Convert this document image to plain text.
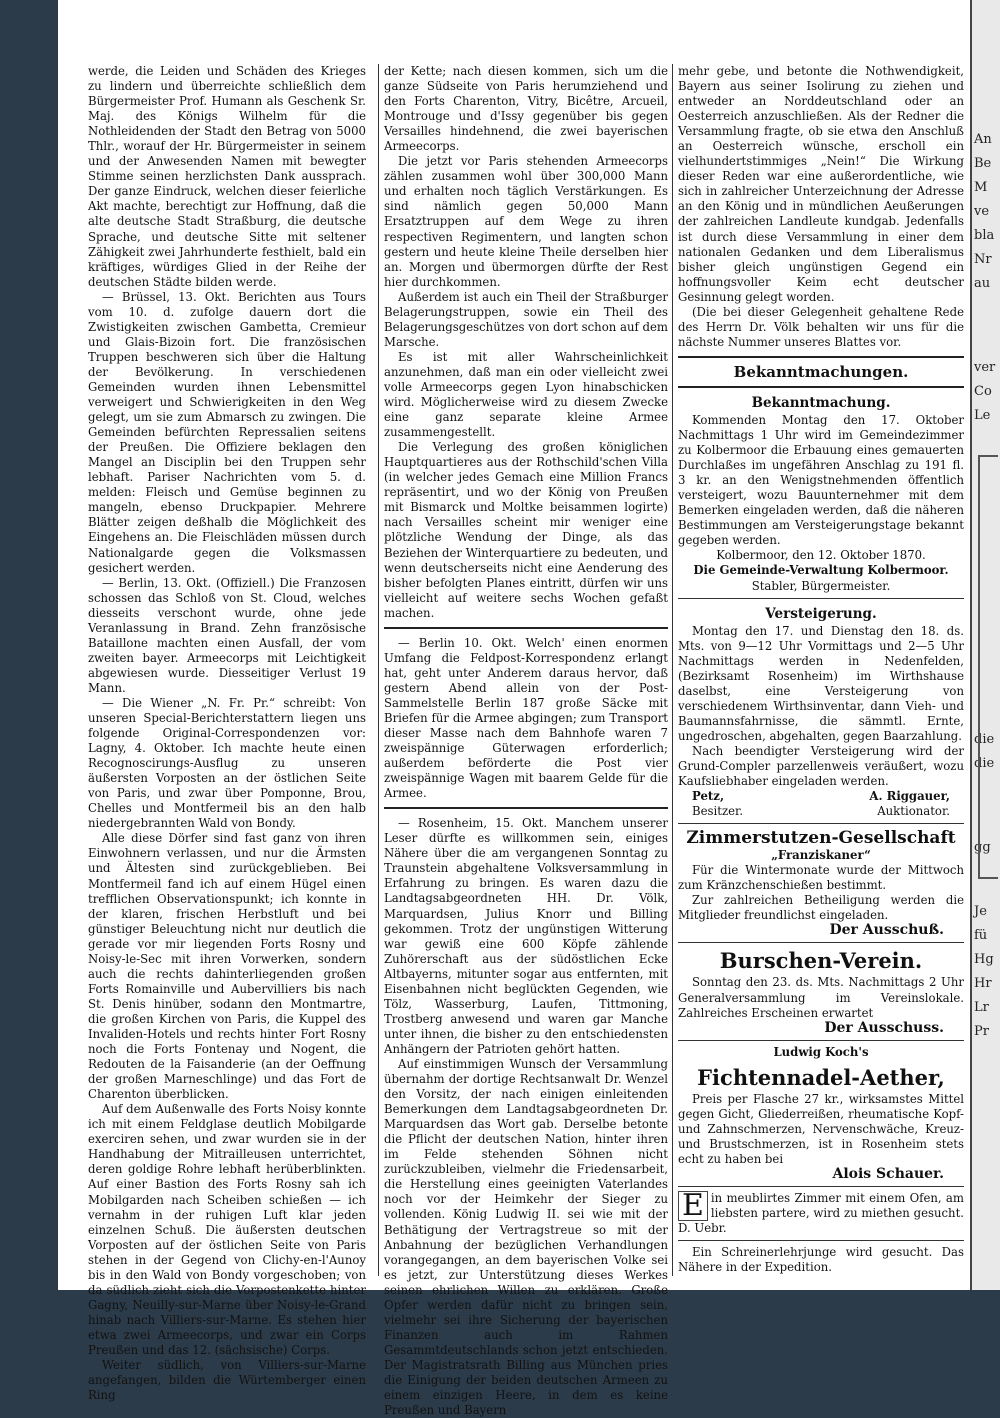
werde, die Leiden und Schäden des Krieges zu lindern und überreichte schließlich dem Bürgermeister Prof. Humann als Geschenk Sr. Maj. des Königs Wilhelm für die Nothleidenden der Stadt den Betrag von 5000 Thlr., worauf der Hr. Bürgermeister in seinem und der Anwesenden Namen mit bewegter Stimme seinen herzlichsten Dank aussprach. Der ganze Eindruck, welchen dieser feierliche Akt machte, berechtigt zur Hoffnung, daß die alte deutsche Stadt Straßburg, die deutsche Sprache, und deutsche Sitte mit seltener Zähigkeit zwei Jahrhunderte festhielt, bald ein kräftiges, würdiges Glied in der Reihe der deutschen Städte bilden werde.

— Brüssel, 13. Okt. Berichten aus Tours vom 10. d. zufolge dauern dort die Zwistigkeiten zwischen Gambetta, Cremieur und Glais-Bizoin fort. Die französischen Truppen beschweren sich über die Haltung der Bevölkerung. In verschiedenen Gemeinden wurden ihnen Lebensmittel verweigert und Schwierigkeiten in den Weg gelegt, um sie zum Abmarsch zu zwingen. Die Gemeinden befürchten Repressalien seitens der Preußen. Die Offiziere beklagen den Mangel an Disciplin bei den Truppen sehr lebhaft. Pariser Nachrichten vom 5. d. melden: Fleisch und Gemüse beginnen zu mangeln, ebenso Druckpapier. Mehrere Blätter zeigen deßhalb die Möglichkeit des Eingehens an. Die Fleischläden müssen durch Nationalgarde gegen die Volksmassen gesichert werden.

— Berlin, 13. Okt. (Offiziell.) Die Franzosen schossen das Schloß von St. Cloud, welches diesseits verschont wurde, ohne jede Veranlassung in Brand. Zehn französische Bataillone machten einen Ausfall, der vom zweiten bayer. Armeecorps mit Leichtigkeit abgewiesen wurde. Diesseitiger Verlust 19 Mann.

— Die Wiener „N. Fr. Pr.“ schreibt: Von unseren Special-Berichterstattern liegen uns folgende Original-Correspondenzen vor: Lagny, 4. Oktober. Ich machte heute einen Recognoscirungs-Ausflug zu unseren äußersten Vorposten an der östlichen Seite von Paris, und zwar über Pomponne, Brou, Chelles und Montfermeil bis an den halb niedergebrannten Wald von Bondy.

Alle diese Dörfer sind fast ganz von ihren Einwohnern verlassen, und nur die Ärmsten und Ältesten sind zurückgeblieben. Bei Montfermeil fand ich auf einem Hügel einen trefflichen Observationspunkt; ich konnte in der klaren, frischen Herbstluft und bei günstiger Beleuchtung nicht nur deutlich die gerade vor mir liegenden Forts Rosny und Noisy-le-Sec mit ihren Vorwerken, sondern auch die rechts dahinterliegenden großen Forts Romainville und Aubervilliers bis nach St. Denis hinüber, sodann den Montmartre, die großen Kirchen von Paris, die Kuppel des Invaliden-Hotels und rechts hinter Fort Rosny noch die Forts Fontenay und Nogent, die Redouten de la Faisanderie (an der Oeffnung der großen Marneschlinge) und das Fort de Charenton überblicken.

Auf dem Außenwalle des Forts Noisy konnte ich mit einem Feldglase deutlich Mobilgarde exerciren sehen, und zwar wurden sie in der Handhabung der Mitrailleusen unterrichtet, deren goldige Rohre lebhaft herüberblinkten. Auf einer Bastion des Forts Rosny sah ich Mobilgarden nach Scheiben schießen — ich vernahm in der ruhigen Luft klar jeden einzelnen Schuß. Die äußersten deutschen Vorposten auf der östlichen Seite von Paris stehen in der Gegend von Clichy-en-l'Aunoy bis in den Wald von Bondy vorgeschoben; von da südlich zieht sich die Vorpostenkette hinter Gagny, Neuilly-sur-Marne über Noisy-le-Grand hinab nach Villiers-sur-Marne. Es stehen hier etwa zwei Armeecorps, und zwar ein Corps Preußen und das 12. (sächsische) Corps.

Weiter südlich, von Villiers-sur-Marne angefangen, bilden die Würtemberger einen Ring

der Kette; nach diesen kommen, sich um die ganze Südseite von Paris herumziehend und den Forts Charenton, Vitry, Bicêtre, Arcueil, Montrouge und d'Issy gegenüber bis gegen Versailles hindehnend, die zwei bayerischen Armeecorps.

Die jetzt vor Paris stehenden Armeecorps zählen zusammen wohl über 300,000 Mann und erhalten noch täglich Verstärkungen. Es sind nämlich gegen 50,000 Mann Ersatztruppen auf dem Wege zu ihren respectiven Regimentern, und langten schon gestern und heute kleine Theile derselben hier an. Morgen und übermorgen dürfte der Rest hier durchkommen.

Außerdem ist auch ein Theil der Straßburger Belagerungstruppen, sowie ein Theil des Belagerungsgeschützes von dort schon auf dem Marsche.

Es ist mit aller Wahrscheinlichkeit anzunehmen, daß man ein oder vielleicht zwei volle Armeecorps gegen Lyon hinabschicken wird. Möglicherweise wird zu diesem Zwecke eine ganz separate kleine Armee zusammengestellt.

Die Verlegung des großen königlichen Hauptquartieres aus der Rothschild'schen Villa (in welcher jedes Gemach eine Million Francs repräsentirt, und wo der König von Preußen mit Bismarck und Moltke beisammen logirte) nach Versailles scheint mir weniger eine plötzliche Wendung der Dinge, als das Beziehen der Winterquartiere zu bedeuten, und wenn deutscherseits nicht eine Aenderung des bisher befolgten Planes eintritt, dürfen wir uns vielleicht auf weitere sechs Wochen gefaßt machen.

— Berlin 10. Okt. Welch' einen enormen Umfang die Feldpost-Korrespondenz erlangt hat, geht unter Anderem daraus hervor, daß gestern Abend allein von der Post-Sammelstelle Berlin 187 große Säcke mit Briefen für die Armee abgingen; zum Transport dieser Masse nach dem Bahnhofe waren 7 zweispännige Güterwagen erforderlich; außerdem beförderte die Post vier zweispännige Wagen mit baarem Gelde für die Armee.

— Rosenheim, 15. Okt. Manchem unserer Leser dürfte es willkommen sein, einiges Nähere über die am vergangenen Sonntag zu Traunstein abgehaltene Volksversammlung in Erfahrung zu bringen. Es waren dazu die Landtagsabgeordneten HH. Dr. Völk, Marquardsen, Julius Knorr und Billing gekommen. Trotz der ungünstigen Witterung war gewiß eine 600 Köpfe zählende Zuhörerschaft aus der südöstlichen Ecke Altbayerns, mitunter sogar aus entfernten, mit Eisenbahnen nicht beglückten Gegenden, wie Tölz, Wasserburg, Laufen, Tittmoning, Trostberg anwesend und waren gar Manche unter ihnen, die bisher zu den entschiedensten Anhängern der Patrioten gehört hatten.

Auf einstimmigen Wunsch der Versammlung übernahm der dortige Rechtsanwalt Dr. Wenzel den Vorsitz, der nach einigen einleitenden Bemerkungen dem Landtagsabgeordneten Dr. Marquardsen das Wort gab. Derselbe betonte die Pflicht der deutschen Nation, hinter ihren im Felde stehenden Söhnen nicht zurückzubleiben, vielmehr die Friedensarbeit, die Herstellung eines geeinigten Vaterlandes noch vor der Heimkehr der Sieger zu vollenden. König Ludwig II. sei wie mit der Bethätigung der Vertragstreue so mit der Anbahnung der bezüglichen Verhandlungen vorangegangen, an dem bayerischen Volke sei es jetzt, zur Unterstützung dieses Werkes seinen ehrlichen Willen zu erklären. Große Opfer werden dafür nicht zu bringen sein, vielmehr sei ihre Sicherung der bayerischen Finanzen auch im Rahmen Gesammtdeutschlands schon jetzt entschieden. Der Magistratsrath Billing aus München pries die Einigung der beiden deutschen Armeen zu einem einzigen Heere, in dem es keine Preußen und Bayern

mehr gebe, und betonte die Nothwendigkeit, Bayern aus seiner Isolirung zu ziehen und entweder an Norddeutschland oder an Oesterreich anzuschließen. Als der Redner die Versammlung fragte, ob sie etwa den Anschluß an Oesterreich wünsche, erscholl ein vielhundertstimmiges „Nein!“ Die Wirkung dieser Reden war eine außerordentliche, wie sich in zahlreicher Unterzeichnung der Adresse an den König und in mündlichen Aeußerungen der zahlreichen Landleute kundgab. Jedenfalls ist durch diese Versammlung in einer dem nationalen Gedanken und dem Liberalismus bisher gleich ungünstigen Gegend ein hoffnungsvoller Keim echt deutscher Gesinnung gelegt worden.

(Die bei dieser Gelegenheit gehaltene Rede des Herrn Dr. Völk behalten wir uns für die nächste Nummer unseres Blattes vor.

Bekanntmachungen.
Bekanntmachung.

Kommenden Montag den 17. Oktober Nachmittags 1 Uhr wird im Gemeindezimmer zu Kolbermoor die Erbauung eines gemauerten Durchlaßes im ungefähren Anschlag zu 191 fl. 3 kr. an den Wenigstnehmenden öffentlich versteigert, wozu Bauunternehmer mit dem Bemerken eingeladen werden, daß die näheren Bestimmungen am Versteigerungstage bekannt gegeben werden.

Kolbermoor, den 12. Oktober 1870.
Die Gemeinde-Verwaltung Kolbermoor.
Stabler, Bürgermeister.
Versteigerung.

Montag den 17. und Dienstag den 18. ds. Mts. von 9—12 Uhr Vormittags und 2—5 Uhr Nachmittags werden in Nedenfelden, (Bezirksamt Rosenheim) im Wirthshause daselbst, eine Versteigerung von verschiedenem Wirthsinventar, dann Vieh- und Baumannsfahrnisse, die sämmtl. Ernte, ungedroschen, abgehalten, gegen Baarzahlung.

Nach beendigter Versteigerung wird der Grund-Compler parzellenweis veräußert, wozu Kaufsliebhaber eingeladen werden.

Petz,	A. Riggauer,
Besitzer.	Auktionator.
Zimmerstutzen-Gesellschaft
„Franziskaner“

Für die Wintermonate wurde der Mittwoch zum Kränzchenschießen bestimmt.

Zur zahlreichen Betheiligung werden die Mitglieder freundlichst eingeladen.

Der Ausschuß.
Burschen-Verein.

Sonntag den 23. ds. Mts. Nachmittags 2 Uhr Generalversammlung im Vereinslokale. Zahlreiches Erscheinen erwartet

Der Ausschuss.
Ludwig Koch's
Fichtennadel-Aether,

Preis per Flasche 27 kr., wirksamstes Mittel gegen Gicht, Gliederreißen, rheumatische Kopf- und Zahnschmerzen, Nervenschwäche, Kreuz- und Brustschmerzen, ist in Rosenheim stets echt zu haben bei

Alois Schauer.
E in meublirtes Zimmer mit einem Ofen, am liebsten partere, wird zu miethen gesucht. D. Uebr.

Ein Schreinerlehrjunge wird gesucht. Das Nähere in der Expedition.

An
Be
M
ve
bla
Nr
au
ver
Co
Le
die
die
gg
Je
fü
Hg
Hr
Lr
Pr
